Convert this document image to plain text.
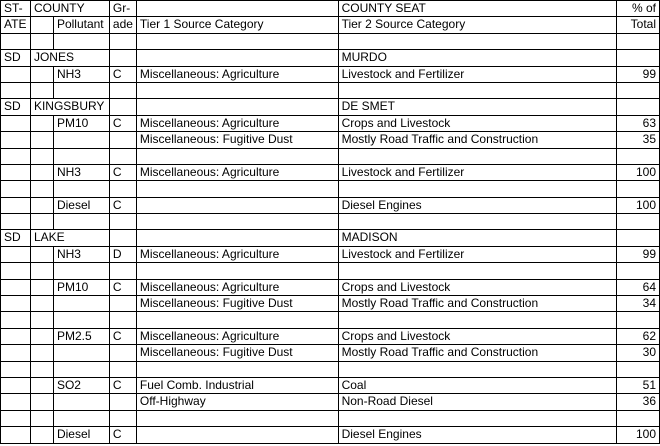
ST-	COUNTY		Gr-		COUNTY SEAT	% of
ATE		Pollutant	ade	Tier 1 Source Category	Tier 2 Source Category	Total

SD	JONES				MURDO	
		NH3	C	Miscellaneous: Agriculture	Livestock and Fertilizer	99

SD	KINGSBURY				DE SMET	
		PM10	C	Miscellaneous: Agriculture	Crops and Livestock	63
				Miscellaneous: Fugitive Dust	Mostly Road Traffic and Construction	35

		NH3	C	Miscellaneous: Agriculture	Livestock and Fertilizer	100

		Diesel	C		Diesel Engines	100

SD	LAKE				MADISON	
		NH3	D	Miscellaneous: Agriculture	Livestock and Fertilizer	99

		PM10	C	Miscellaneous: Agriculture	Crops and Livestock	64
				Miscellaneous: Fugitive Dust	Mostly Road Traffic and Construction	34

		PM2.5	C	Miscellaneous: Agriculture	Crops and Livestock	62
				Miscellaneous: Fugitive Dust	Mostly Road Traffic and Construction	30

		SO2	C	Fuel Comb. Industrial	Coal	51
				Off-Highway	Non-Road Diesel	36

		Diesel	C		Diesel Engines	100
